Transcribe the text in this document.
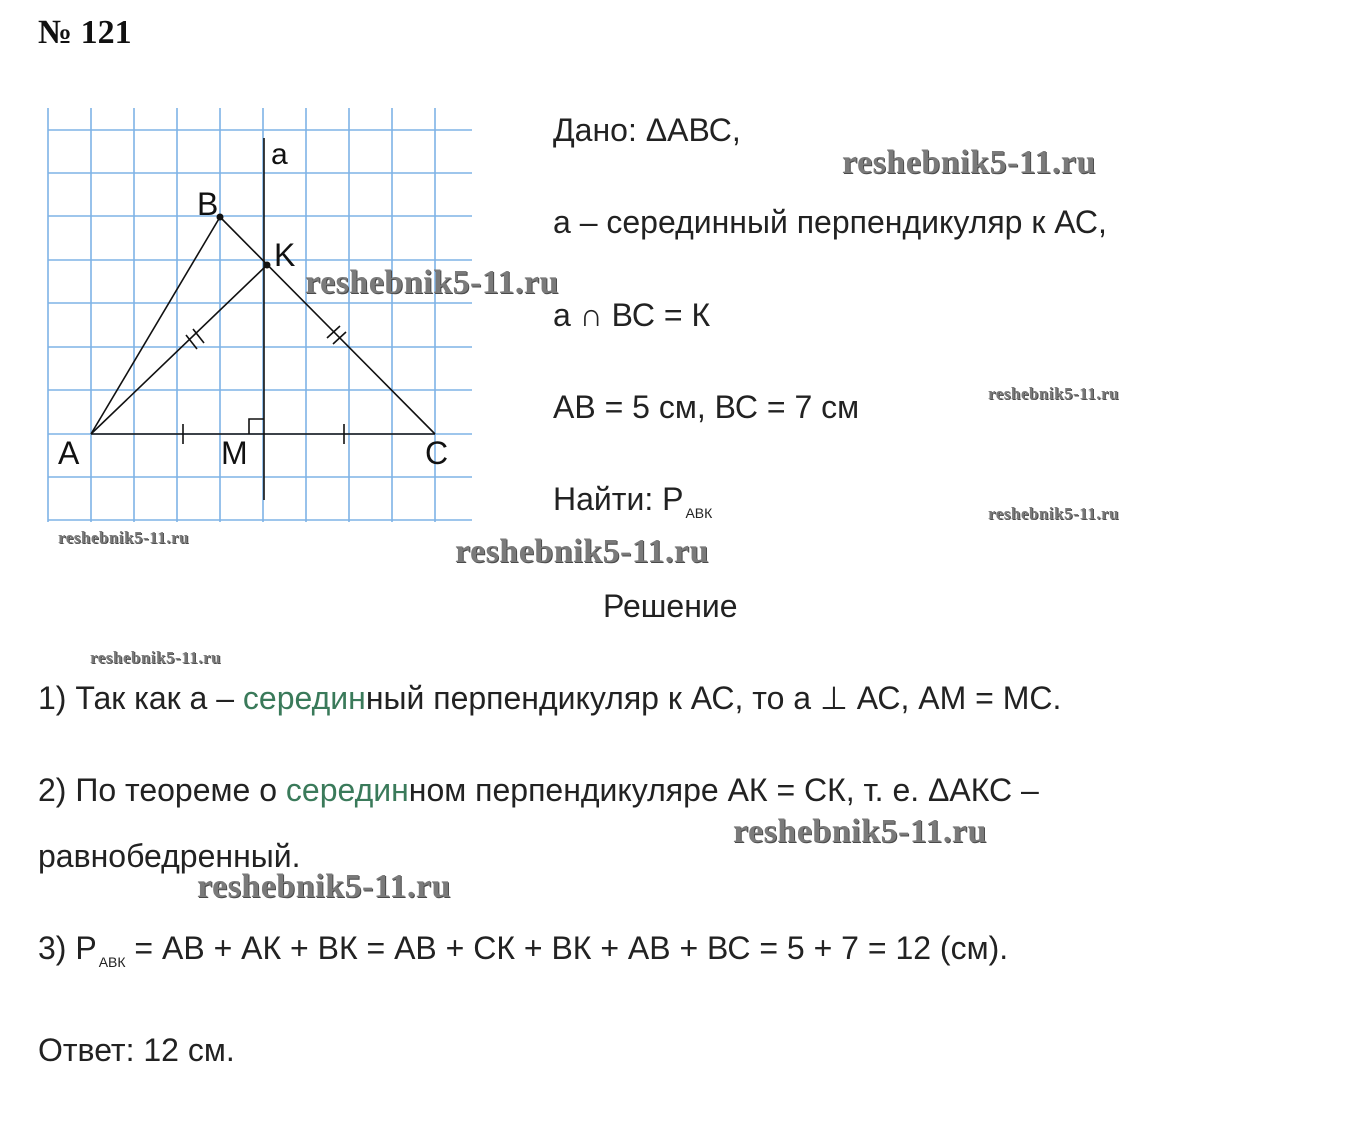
№ 121
a
B
K
A	M	C
Дано: ΔАВС,
a – серединный перпендикуляр к АС,
a ∩ ВС = К
АВ = 5 см, ВС = 7 см
Найти: Р $_{АВК}$
Решение
1) Так как a – серединный перпендикуляр к АС, то a ⊥ АС, АМ = МС.
2) По теореме о серединном перпендикуляре АК = СК, т. е. ΔАКС –
равнобедренный.
3) Р $_{АВК}$ = АВ + АК + ВК = АВ + СК + ВК + АВ + ВС = 5 + 7 = 12 (см).
Ответ: 12 см.
reshebnik5-11.ru
reshebnik5-11.ru
reshebnik5-11.ru
reshebnik5-11.ru
reshebnik5-11.ru	reshebnik5-11.ru
reshebnik5-11.ru
reshebnik5-11.ru
reshebnik5-11.ru
